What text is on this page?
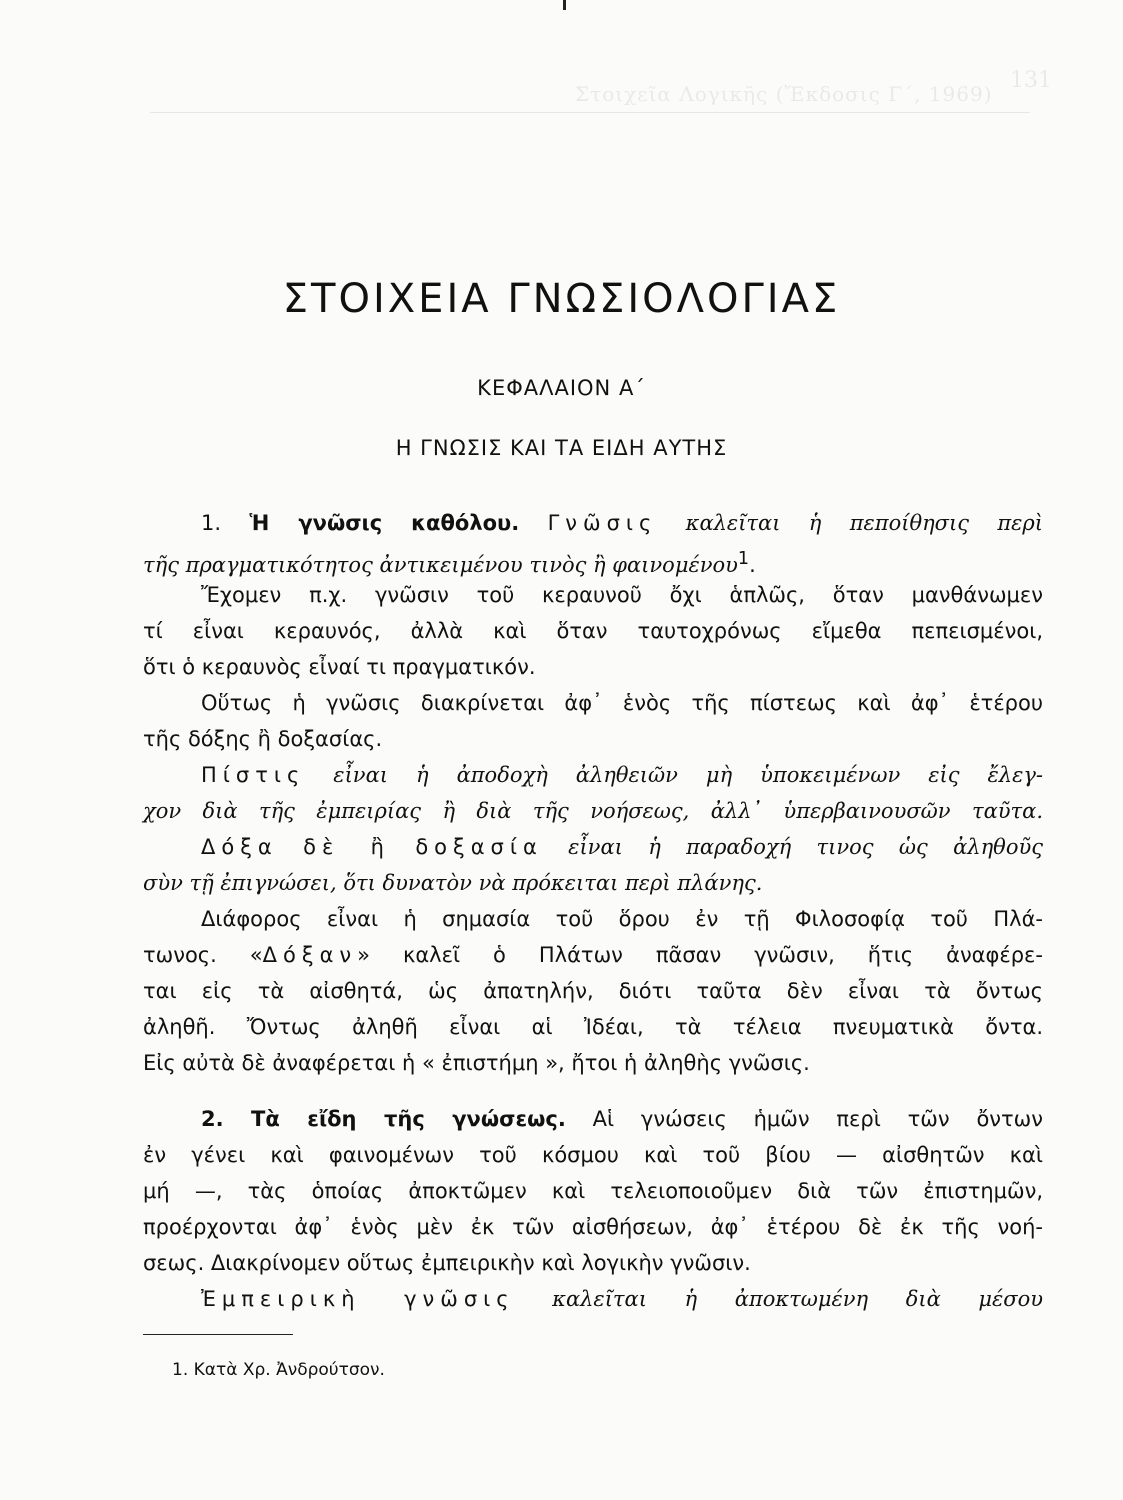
Στοιχεῖα Λογικῆς (Ἔκδοσις Γ΄, 1969)
131
ΣΤΟΙΧΕΙΑ ΓΝΩΣΙΟΛΟΓΙΑΣ
ΚΕΦΑΛΑΙΟΝ Α΄
Η ΓΝΩΣΙΣ ΚΑΙ ΤΑ ΕΙΔΗ ΑΥΤΗΣ
1. Ἡ γνῶσις καθόλου. Γνῶσις καλεῖται ἡ πεποίθησις περὶ
τῆς πραγματικότητος ἀντικειμένου τινὸς ἢ φαινομένου$^1$.
Ἔχομεν π.χ. γνῶσιν τοῦ κεραυνοῦ ὄχι ἁπλῶς, ὅταν μανθάνωμεν
τί εἶναι κεραυνός, ἀλλὰ καὶ ὅταν ταυτοχρόνως εἴμεθα πεπεισμένοι,
ὅτι ὁ κεραυνὸς εἶναί τι πραγματικόν.
Οὕτως ἡ γνῶσις διακρίνεται ἀφ᾿ ἑνὸς τῆς πίστεως καὶ ἀφ᾿ ἑτέρου
τῆς δόξης ἢ δοξασίας.
Πίστις εἶναι ἡ ἀποδοχὴ ἀληθειῶν μὴ ὑποκειμένων εἰς ἔλεγ-
χον διὰ τῆς ἐμπειρίας ἢ διὰ τῆς νοήσεως, ἀλλ᾿ ὑπερβαινουσῶν ταῦτα.
Δόξα δὲ ἢ δοξασία εἶναι ἡ παραδοχή τινος ὡς ἀληθοῦς
σὺν τῇ ἐπιγνώσει, ὅτι δυνατὸν νὰ πρόκειται περὶ πλάνης.
Διάφορος εἶναι ἡ σημασία τοῦ ὅρου ἐν τῇ Φιλοσοφίᾳ τοῦ Πλά-
τωνος. «Δόξαν» καλεῖ ὁ Πλάτων πᾶσαν γνῶσιν, ἥτις ἀναφέρε-
ται εἰς τὰ αἰσθητά, ὡς ἀπατηλήν, διότι ταῦτα δὲν εἶναι τὰ ὄντως
ἀληθῆ. Ὄντως ἀληθῆ εἶναι αἱ Ἰδέαι, τὰ τέλεια πνευματικὰ ὄντα.
Εἰς αὐτὰ δὲ ἀναφέρεται ἡ « ἐπιστήμη », ἤτοι ἡ ἀληθὴς γνῶσις.
2. Τὰ εἴδη τῆς γνώσεως. Αἱ γνώσεις ἡμῶν περὶ τῶν ὄντων
ἐν γένει καὶ φαινομένων τοῦ κόσμου καὶ τοῦ βίου — αἰσθητῶν καὶ
μή —, τὰς ὁποίας ἀποκτῶμεν καὶ τελειοποιοῦμεν διὰ τῶν ἐπιστημῶν,
προέρχονται ἀφ᾿ ἑνὸς μὲν ἐκ τῶν αἰσθήσεων, ἀφ᾿ ἑτέρου δὲ ἐκ τῆς νοή-
σεως. Διακρίνομεν οὕτως ἐμπειρικὴν καὶ λογικὴν γνῶσιν.
Ἐμπειρικὴ γνῶσις καλεῖται ἡ ἀποκτωμένη διὰ μέσου
1. Κατὰ Χρ. Ἀνδρούτσον.
